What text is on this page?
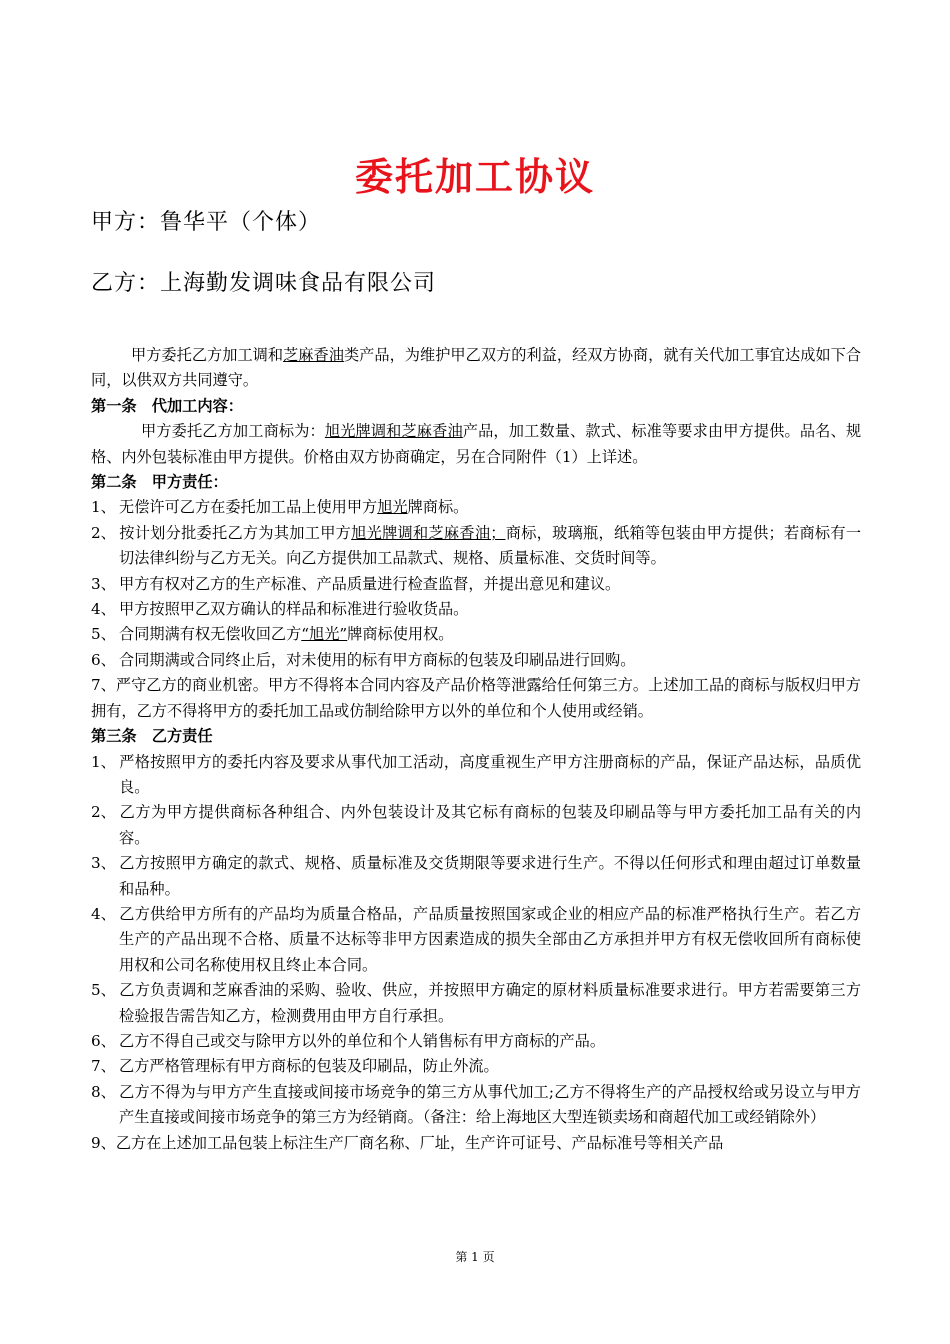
委托加工协议
甲方：鲁华平（个体）
乙方：上海勤发调味食品有限公司

甲方委托乙方加工调和芝麻香油类产品，为维护甲乙双方的利益，经双方协商，就有关代加工事宜达成如下合同，以供双方共同遵守。

第一条　代加工内容：

甲方委托乙方加工商标为：旭光牌调和芝麻香油产品，加工数量、款式、标准等要求由甲方提供。品名、规格、内外包装标准由甲方提供。价格由双方协商确定，另在合同附件（1）上详述。

第二条　甲方责任：

1、 无偿许可乙方在委托加工品上使用甲方旭光牌商标。

2、 按计划分批委托乙方为其加工甲方旭光牌调和芝麻香油；商标，玻璃瓶，纸箱等包装由甲方提供；若商标有一切法律纠纷与乙方无关。向乙方提供加工品款式、规格、质量标准、交货时间等。

3、 甲方有权对乙方的生产标准、产品质量进行检查监督，并提出意见和建议。

4、 甲方按照甲乙双方确认的样品和标准进行验收货品。

5、 合同期满有权无偿收回乙方“旭光”牌商标使用权。

6、 合同期满或合同终止后，对未使用的标有甲方商标的包装及印刷品进行回购。

7、严守乙方的商业机密。甲方不得将本合同内容及产品价格等泄露给任何第三方。上述加工品的商标与版权归甲方拥有，乙方不得将甲方的委托加工品或仿制给除甲方以外的单位和个人使用或经销。

第三条　乙方责任

1、 严格按照甲方的委托内容及要求从事代加工活动，高度重视生产甲方注册商标的产品，保证产品达标，品质优良。

2、 乙方为甲方提供商标各种组合、内外包装设计及其它标有商标的包装及印刷品等与甲方委托加工品有关的内容。

3、 乙方按照甲方确定的款式、规格、质量标准及交货期限等要求进行生产。不得以任何形式和理由超过订单数量和品种。

4、 乙方供给甲方所有的产品均为质量合格品，产品质量按照国家或企业的相应产品的标准严格执行生产。若乙方生产的产品出现不合格、质量不达标等非甲方因素造成的损失全部由乙方承担并甲方有权无偿收回所有商标使用权和公司名称使用权且终止本合同。

5、 乙方负责调和芝麻香油的采购、验收、供应，并按照甲方确定的原材料质量标准要求进行。甲方若需要第三方检验报告需告知乙方，检测费用由甲方自行承担。

6、 乙方不得自己或交与除甲方以外的单位和个人销售标有甲方商标的产品。

7、 乙方严格管理标有甲方商标的包装及印刷品，防止外流。

8、 乙方不得为与甲方产生直接或间接市场竞争的第三方从事代加工;乙方不得将生产的产品授权给或另设立与甲方产生直接或间接市场竞争的第三方为经销商。（备注：给上海地区大型连锁卖场和商超代加工或经销除外）

9、乙方在上述加工品包装上标注生产厂商名称、厂址，生产许可证号、产品标准号等相关产品

第 1 页
